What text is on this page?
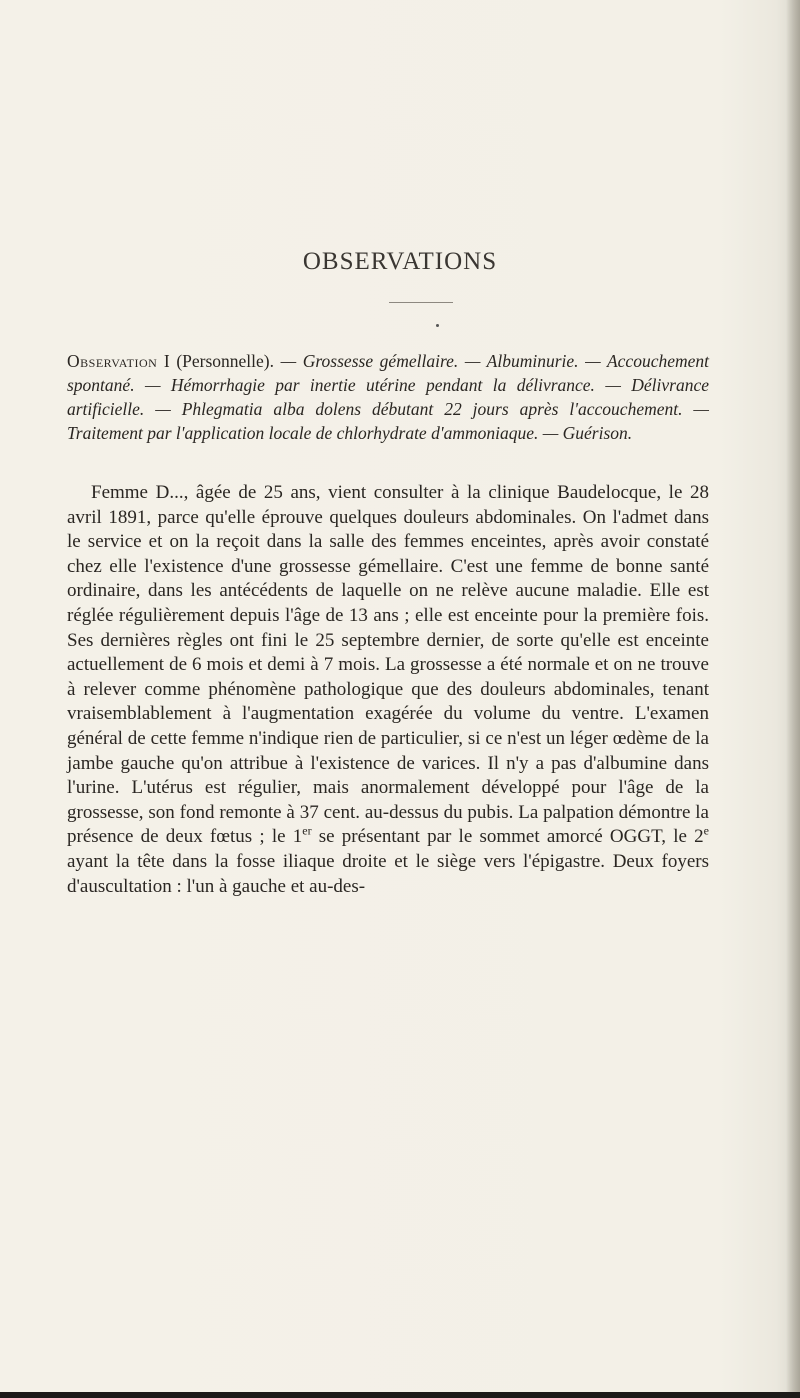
OBSERVATIONS
Observation I (Personnelle). — Grossesse gémellaire. — Albuminurie. — Accouchement spontané. — Hémorrhagie par inertie utérine pendant la délivrance. — Délivrance artificielle. — Phlegmatia alba dolens débutant 22 jours après l'accouchement. — Traitement par l'application locale de chlorhydrate d'ammoniaque. — Guérison.
Femme D..., âgée de 25 ans, vient consulter à la clinique Baudelocque, le 28 avril 1891, parce qu'elle éprouve quelques douleurs abdominales. On l'admet dans le service et on la reçoit dans la salle des femmes enceintes, après avoir constaté chez elle l'existence d'une grossesse gémellaire. C'est une femme de bonne santé ordinaire, dans les antécédents de laquelle on ne relève aucune maladie. Elle est réglée régulièrement depuis l'âge de 13 ans ; elle est enceinte pour la première fois. Ses dernières règles ont fini le 25 septembre dernier, de sorte qu'elle est enceinte actuellement de 6 mois et demi à 7 mois. La grossesse a été normale et on ne trouve à relever comme phénomène pathologique que des douleurs abdominales, tenant vraisemblablement à l'augmentation exagérée du volume du ventre. L'examen général de cette femme n'indique rien de particulier, si ce n'est un léger œdème de la jambe gauche qu'on attribue à l'existence de varices. Il n'y a pas d'albumine dans l'urine. L'utérus est régulier, mais anormalement développé pour l'âge de la grossesse, son fond remonte à 37 cent. au-dessus du pubis. La palpation démontre la présence de deux fœtus ; le 1er se présentant par le sommet amorcé OGGT, le 2e ayant la tête dans la fosse iliaque droite et le siège vers l'épigastre. Deux foyers d'auscultation : l'un à gauche et au-des-
